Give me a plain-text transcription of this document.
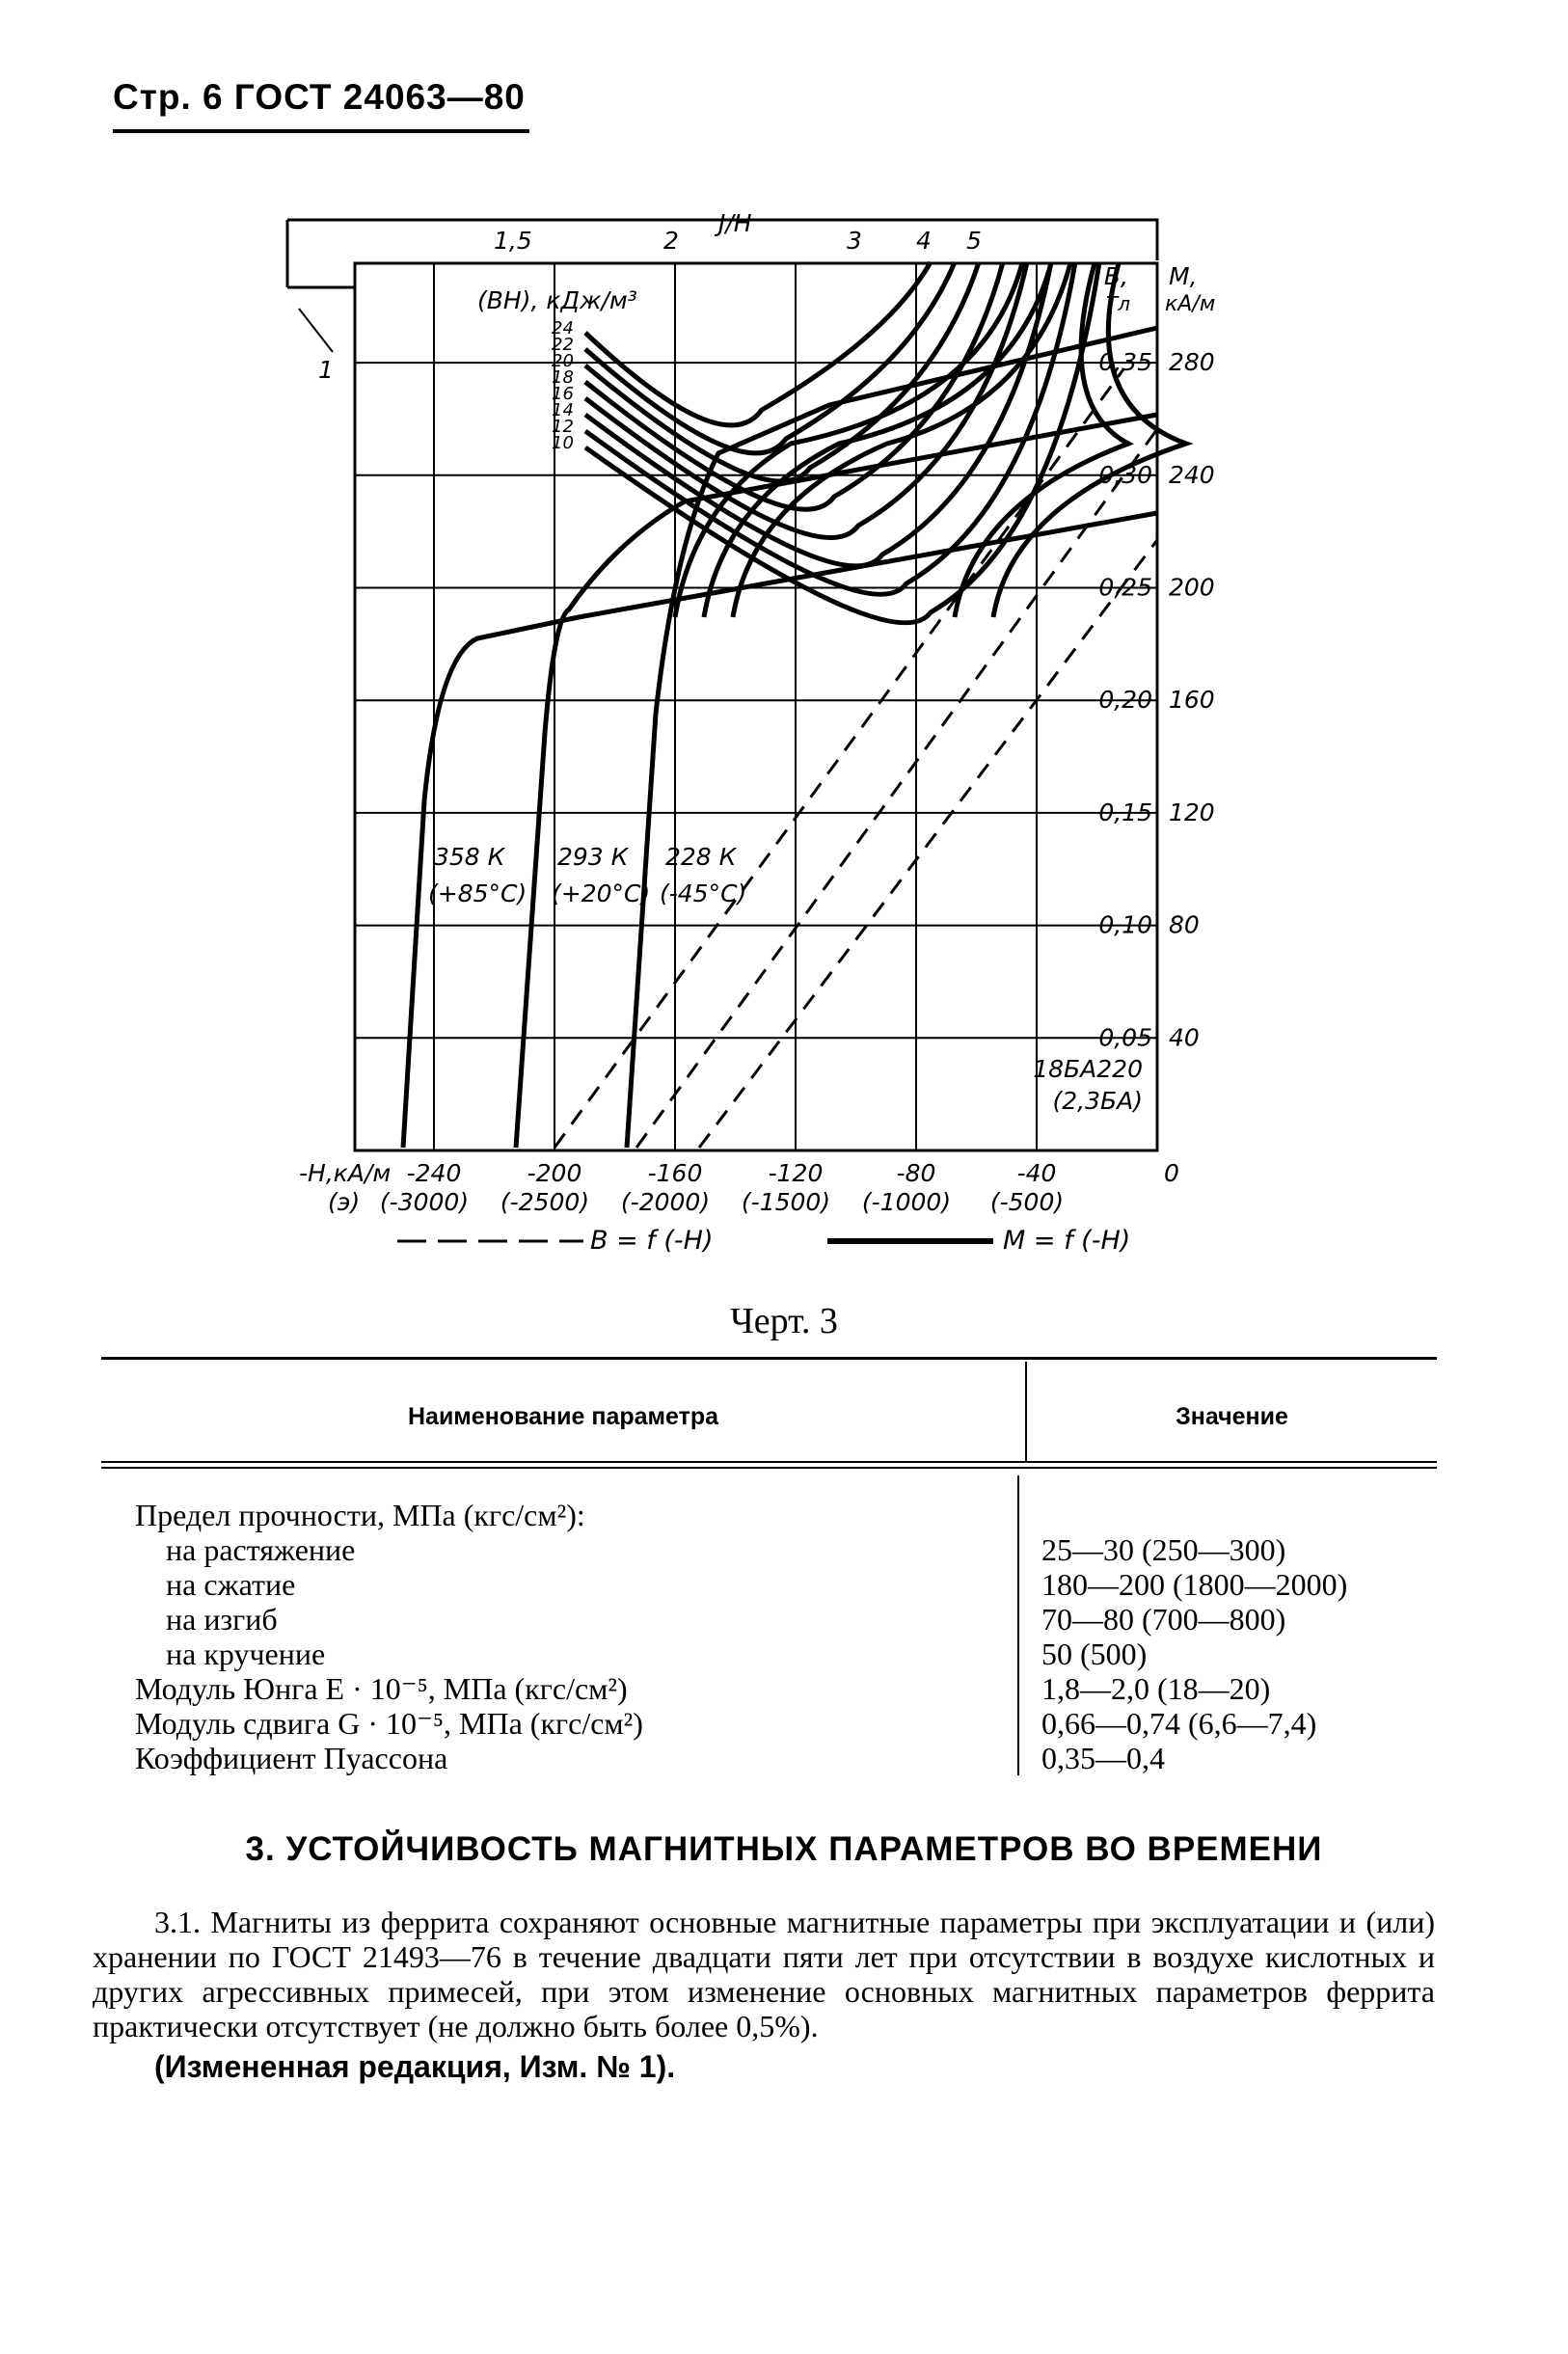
Стр. 6 ГОСТ 24063—80
1,5	2
J/H
3 4 5
1
(ВН), кДж/м³
24
22
20
18
16
14
12
10
В,
Тл
М,
кА/м
0,35 280
0,30 240
0,25 200
0,20 160
0,15 120
0,10 80
0,05 40
-Н,кА/м
(э)
-240	-200	-160	-120	-80	-40	0
(-3000) (-2500) (-2000) (-1500) (-1000) (-500)
358 К
(+85°С)
293 К
(+20°С)
228 К
(-45°С)
18БА220
(2,3БА)
В = f (-Н)	М = f (-Н)
Черт. 3
Наименование параметра	Значение
Предел прочности, МПа (кгс/см²):
на растяжение	25—30 (250—300)
на сжатие	180—200 (1800—2000)
на изгиб	70—80 (700—800)
на кручение	50 (500)
Модуль Юнга E · 10⁻⁵, МПа (кгс/см²)	1,8—2,0 (18—20)
Модуль сдвига G · 10⁻⁵, МПа (кгс/см²)	0,66—0,74 (6,6—7,4)
Коэффициент Пуассона	0,35—0,4
3. УСТОЙЧИВОСТЬ МАГНИТНЫХ ПАРАМЕТРОВ ВО ВРЕМЕНИ
3.1. Магниты из феррита сохраняют основные магнитные параметры при эксплуатации и (или) хранении по ГОСТ 21493—76 в течение двадцати пяти лет при отсутствии в воздухе кислотных и других агрессивных примесей, при этом изменение основных магнитных параметров феррита практически отсутствует (не должно быть более 0,5%).
(Измененная редакция, Изм. № 1).
